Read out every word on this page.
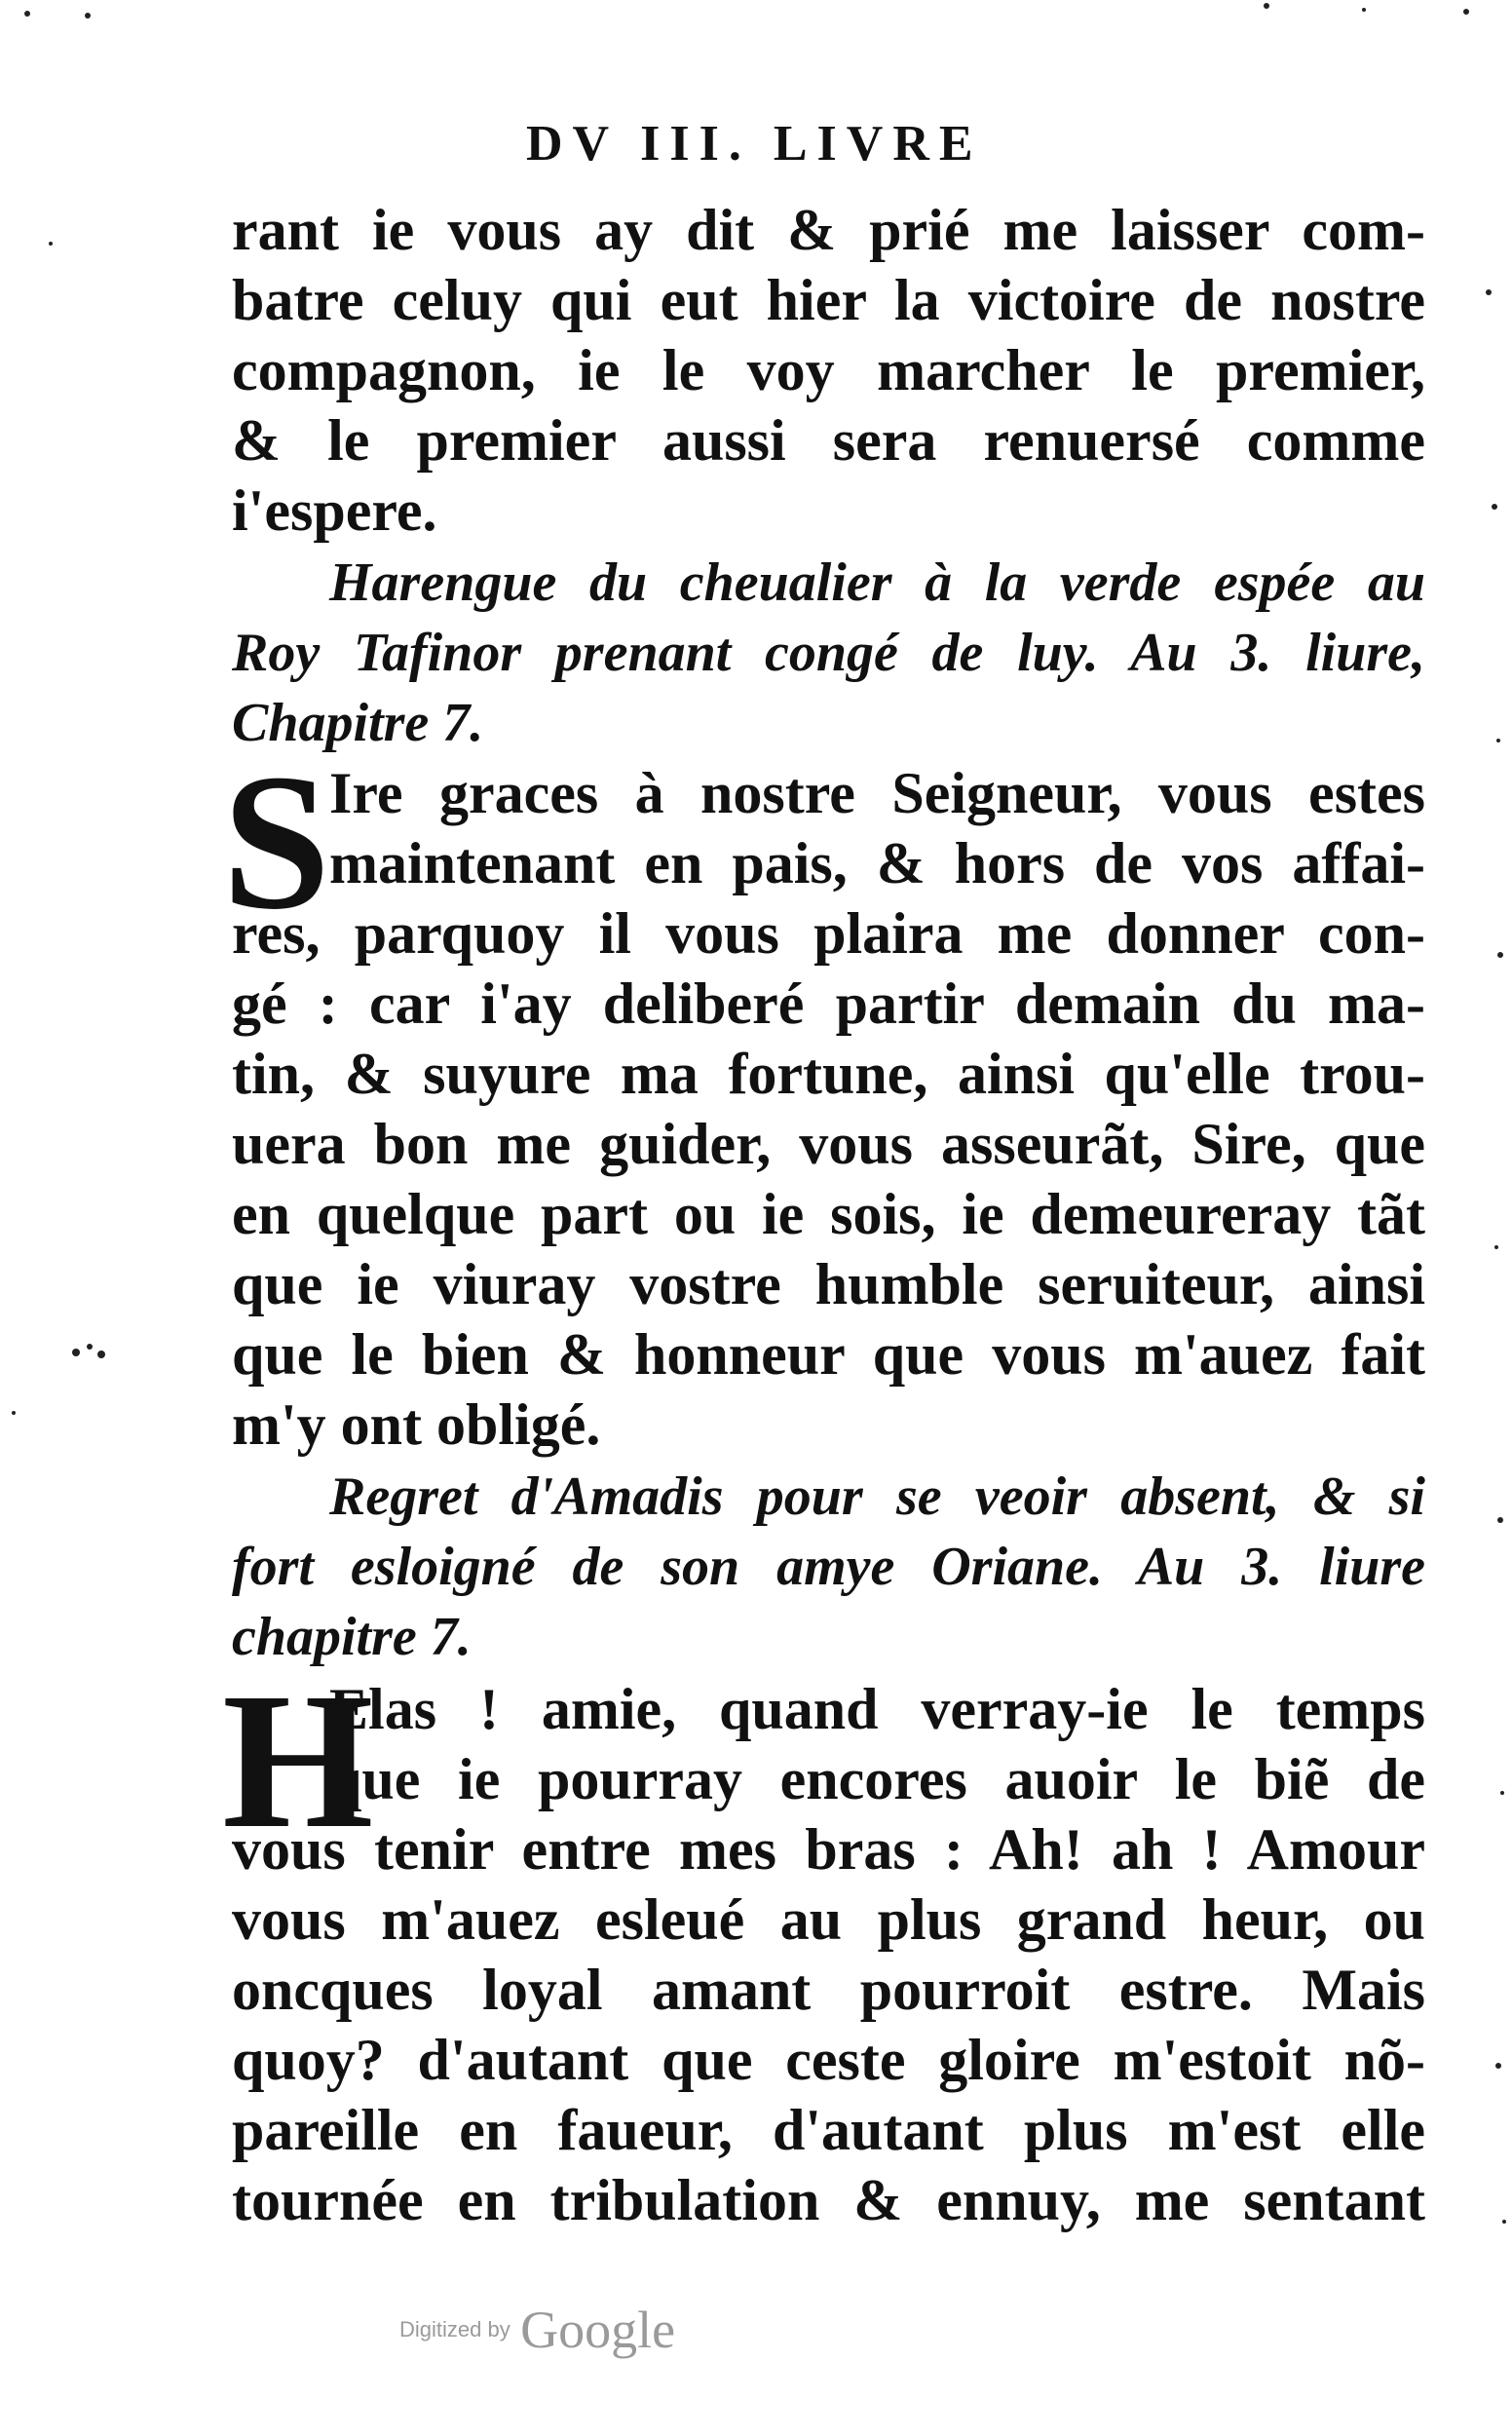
DV III. LIVRE
rant ie vous ay dit & prié me laisser com-
batre celuy qui eut hier la victoire de nostre
compagnon, ie le voy marcher le premier,
& le premier aussi sera renuersé comme
i'espere.
Harengue du cheualier à la verde espée au
Roy Tafinor prenant congé de luy. Au 3. liure,
Chapitre 7.
S
Ire graces à nostre Seigneur, vous estes
maintenant en pais, & hors de vos affai-
res, parquoy il vous plaira me donner con-
gé : car i'ay deliberé partir demain du ma-
tin, & suyure ma fortune, ainsi qu'elle trou-
uera bon me guider, vous asseurãt, Sire, que
en quelque part ou ie sois, ie demeureray tãt
que ie viuray vostre humble seruiteur, ainsi
que le bien & honneur que vous m'auez fait
m'y ont obligé.
Regret d'Amadis pour se veoir absent, & si
fort esloigné de son amye Oriane. Au 3. liure
chapitre 7.
H
Elas ! amie, quand verray-ie le temps
que ie pourray encores auoir le biẽ de
vous tenir entre mes bras : Ah! ah ! Amour
vous m'auez esleué au plus grand heur, ou
oncques loyal amant pourroit estre. Mais
quoy? d'autant que ceste gloire m'estoit nõ-
pareille en faueur, d'autant plus m'est elle
tournée en tribulation & ennuy, me sentant
Digitized by Google
